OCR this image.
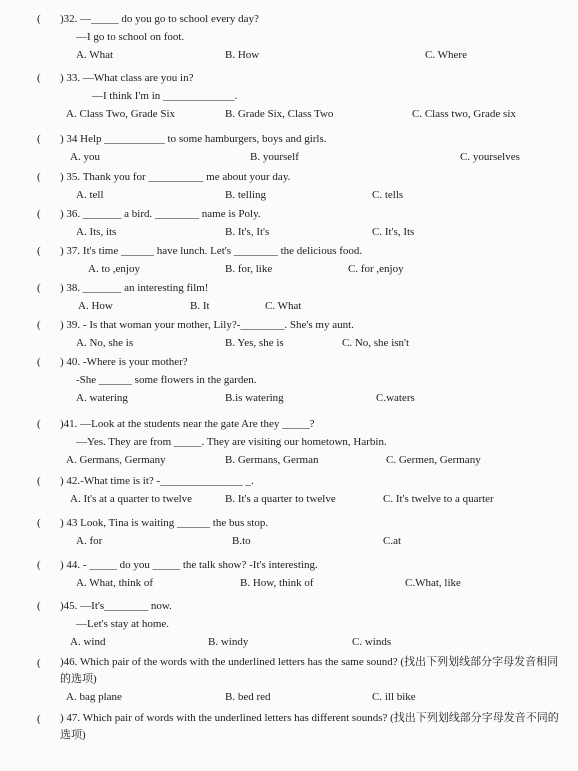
( )32. —_____ do you go to school every day?
—I go to school on foot.
A. What	B. How	C. Where
( ) 33. —What class are you in?
—I think I'm in _____________.
A. Class Two, Grade Six	B. Grade Six, Class Two	C. Class two, Grade six
( ) 34 Help ___________ to some hamburgers, boys and girls.
A. you	B. yourself	C. yourselves
( ) 35. Thank you for __________ me about your day.
A. tell	B. telling	C. tells
( ) 36. _______ a bird. ________ name is Poly.
A. Its, its	B. It's, It's	C. It's, Its
( ) 37. It's time ______ have lunch. Let's ________ the delicious food.
A. to ,enjoy	B. for, like	C. for ,enjoy
( ) 38. _______ an interesting film!
A. How	B. It	C. What
( ) 39. - Is that woman your mother, Lily?-________. She's my aunt.
A. No, she is	B. Yes, she is	C. No, she isn't
( ) 40. -Where is your mother?
-She ______ some flowers in the garden.
A. watering	B.is watering	C.waters
( )41. —Look at the students near the gate Are they _____?
—Yes. They are from _____. They are visiting our hometown, Harbin.
A. Germans, Germany	B. Germans, German	C. Germen, Germany
( ) 42.-What time is it? -_______________ _.
A. It's at a quarter to twelve	B. It's a quarter to twelve	C. It's twelve to a quarter
( ) 43 Look, Tina is waiting ______ the bus stop.
A. for	B.to	C.at
( ) 44. - _____ do you _____ the talk show? -It's interesting.
A. What, think of	B. How, think of	C.What, like
( )45. —It's________ now.
—Let's stay at home.
A. wind	B. windy	C. winds
( )46. Which pair of the words with the underlined letters has the same sound? (找出下列划线部分字母发音相同的选项)
A. bag plane	B. bed red	C. ill bike
( ) 47. Which pair of words with the underlined letters has different sounds? (找出下列划线部分字母发音不同的选项)
